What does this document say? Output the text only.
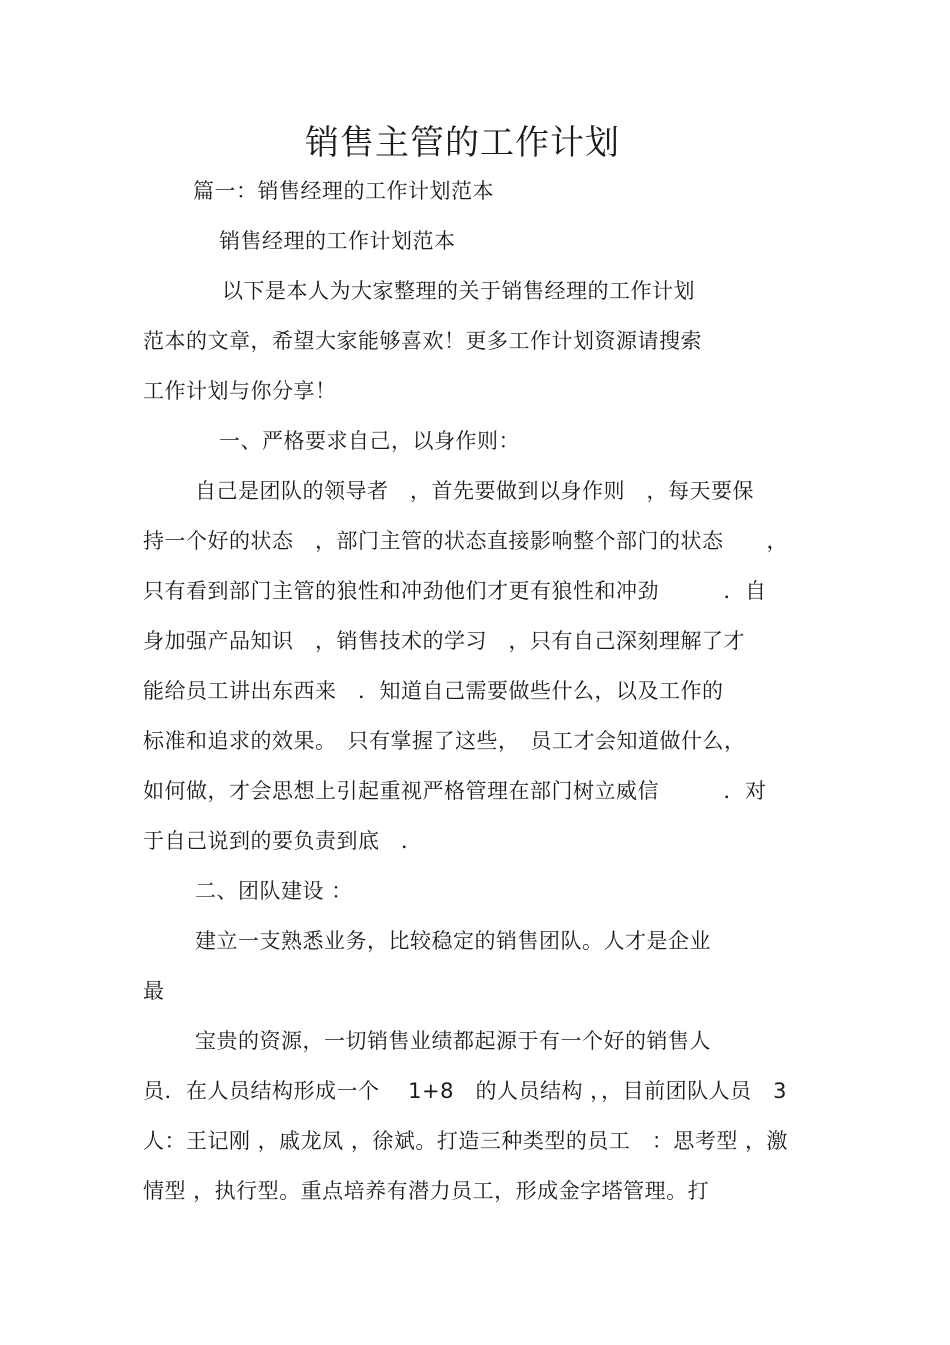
销售主管的工作计划
篇一：销售经理的工作计划范本
销售经理的工作计划范本
以下是本人为大家整理的关于销售经理的工作计划
范本的文章，希望大家能够喜欢！更多工作计划资源请搜索
工作计划与你分享！
一、严格要求自己，以身作则：
自己是团队的领导者　，首先要做到以身作则　，每天要保
持一个好的状态　，部门主管的状态直接影响整个部门的状态　　，
只有看到部门主管的狼性和冲劲他们才更有狼性和冲劲　　　．自
身加强产品知识　，销售技术的学习　，只有自己深刻理解了才
能给员工讲出东西来　．知道自己需要做些什么，以及工作的
标准和追求的效果。　只有掌握了这些，　员工才会知道做什么，
如何做，才会思想上引起重视严格管理在部门树立威信　　　．对
于自己说到的要负责到底　．
二、团队建设 ：
建立一支熟悉业务，比较稳定的销售团队。人才是企业
最
宝贵的资源，一切销售业绩都起源于有一个好的销售人
员．在人员结构形成一个　 1+8　的人员结构 ，，目前团队人员　3
人：王记刚 ，戚龙凤 ，徐斌。打造三种类型的员工　：思考型 ，激
情型 ，执行型。重点培养有潜力员工，形成金字塔管理。打
